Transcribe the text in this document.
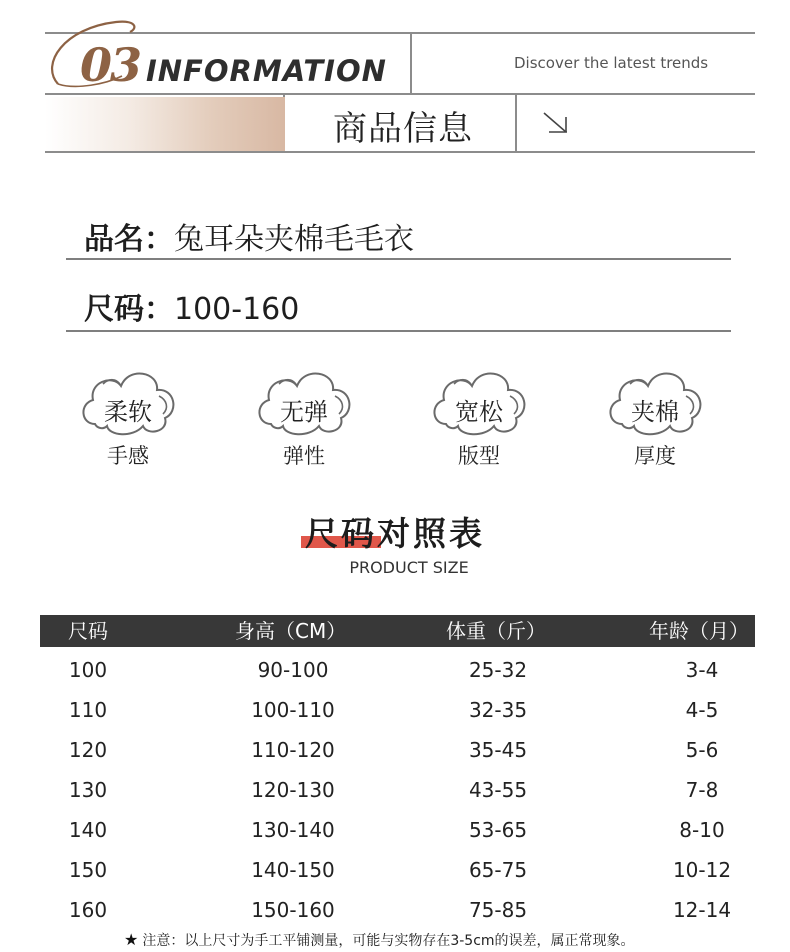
03 INFORMATION	Discover the latest trends
商品信息
品名：兔耳朵夹棉毛毛衣
尺码：100-160
柔软
手感
无弹
弹性
宽松
版型
夹棉
厚度
尺码对照表
PRODUCT SIZE
尺码	身高（CM）	体重（斤）	年龄（月）
100	90-100	25-32	3-4
110	100-110	32-35	4-5
120	110-120	35-45	5-6
130	120-130	43-55	7-8
140	130-140	53-65	8-10
150	140-150	65-75	10-12
160	150-160	75-85	12-14
★ 注意：以上尺寸为手工平铺测量，可能与实物存在3-5cm的误差，属正常现象。
